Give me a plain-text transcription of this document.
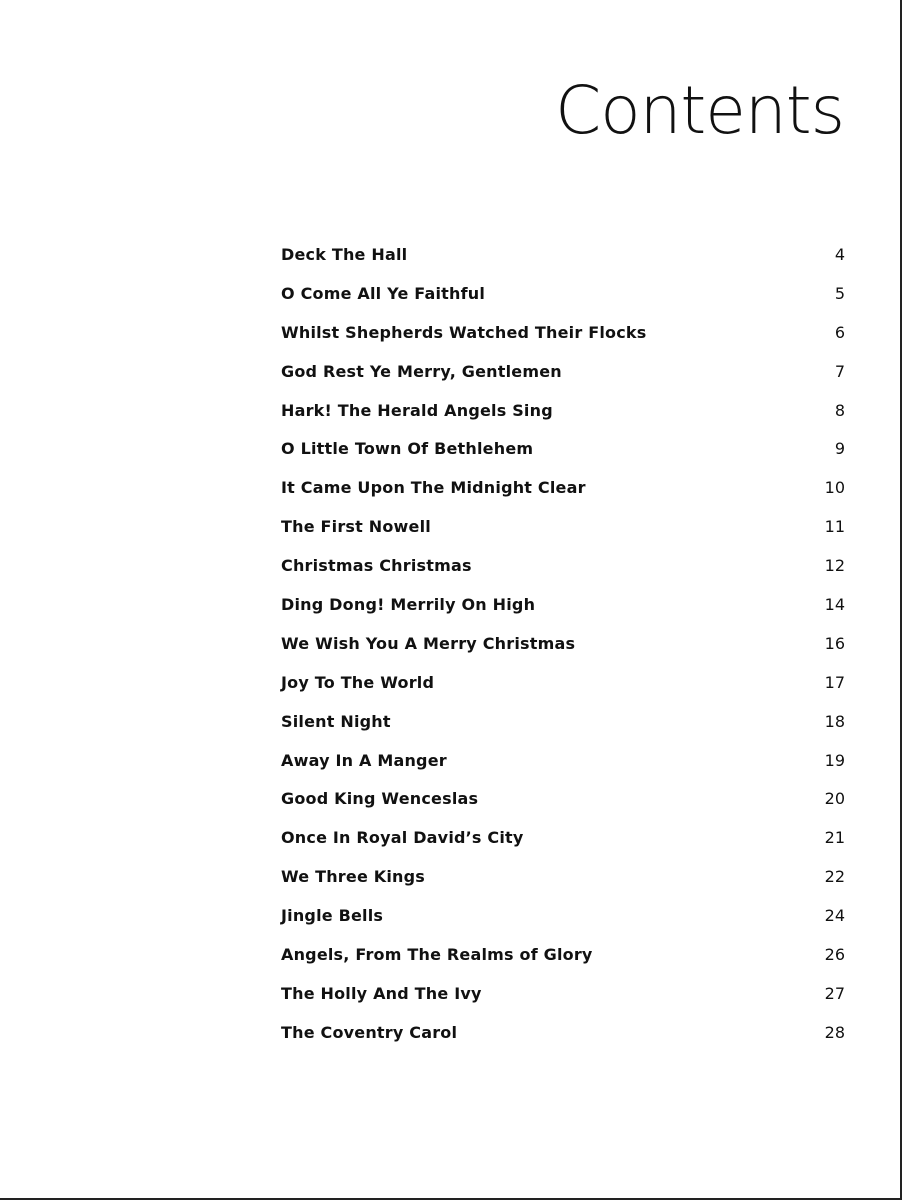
Contents
Deck The Hall	4
O Come All Ye Faithful	5
Whilst Shepherds Watched Their Flocks	6
God Rest Ye Merry, Gentlemen	7
Hark! The Herald Angels Sing	8
O Little Town Of Bethlehem	9
It Came Upon The Midnight Clear	10
The First Nowell	11
Christmas Christmas	12
Ding Dong! Merrily On High	14
We Wish You A Merry Christmas	16
Joy To The World	17
Silent Night	18
Away In A Manger	19
Good King Wenceslas	20
Once In Royal David’s City	21
We Three Kings	22
Jingle Bells	24
Angels, From The Realms of Glory	26
The Holly And The Ivy	27
The Coventry Carol	28
